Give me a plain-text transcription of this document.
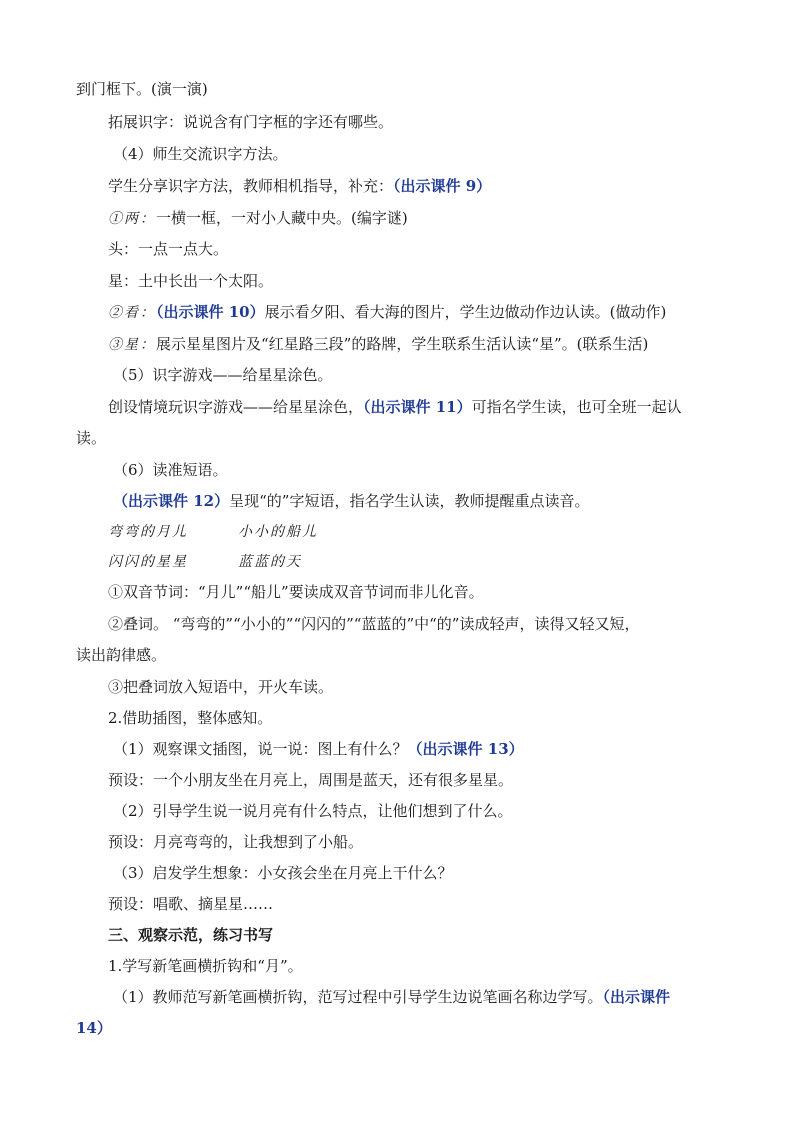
到门框下。(演一演)
拓展识字：说说含有门字框的字还有哪些。
（4）师生交流识字方法。
学生分享识字方法，教师相机指导，补充：（出示课件 9）
①两：一横一框，一对小人藏中央。(编字谜)
头：一点一点大。
星：土中长出一个太阳。
②看：（出示课件 10）展示看夕阳、看大海的图片，学生边做动作边认读。(做动作)
③星：展示星星图片及“红星路三段”的路牌，学生联系生活认读“星”。(联系生活)
（5）识字游戏——给星星涂色。
创设情境玩识字游戏——给星星涂色，（出示课件 11）可指名学生读，也可全班一起认
读。
（6）读准短语。
（出示课件 12）呈现“的”字短语，指名学生认读，教师提醒重点读音。
弯弯的月儿	小小的船儿
闪闪的星星	蓝蓝的天
①双音节词：“月儿”“船儿”要读成双音节词而非儿化音。
②叠词。 “弯弯的”“小小的”“闪闪的”“蓝蓝的”中“的”读成轻声，读得又轻又短，
读出韵律感。
③把叠词放入短语中，开火车读。
2.借助插图，整体感知。
（1）观察课文插图，说一说：图上有什么？（出示课件 13）
预设：一个小朋友坐在月亮上，周围是蓝天，还有很多星星。
（2）引导学生说一说月亮有什么特点，让他们想到了什么。
预设：月亮弯弯的，让我想到了小船。
（3）启发学生想象：小女孩会坐在月亮上干什么？
预设：唱歌、摘星星……
三、观察示范，练习书写
1.学写新笔画横折钩和“月”。
（1）教师范写新笔画横折钩，范写过程中引导学生边说笔画名称边学写。（出示课件
14）
